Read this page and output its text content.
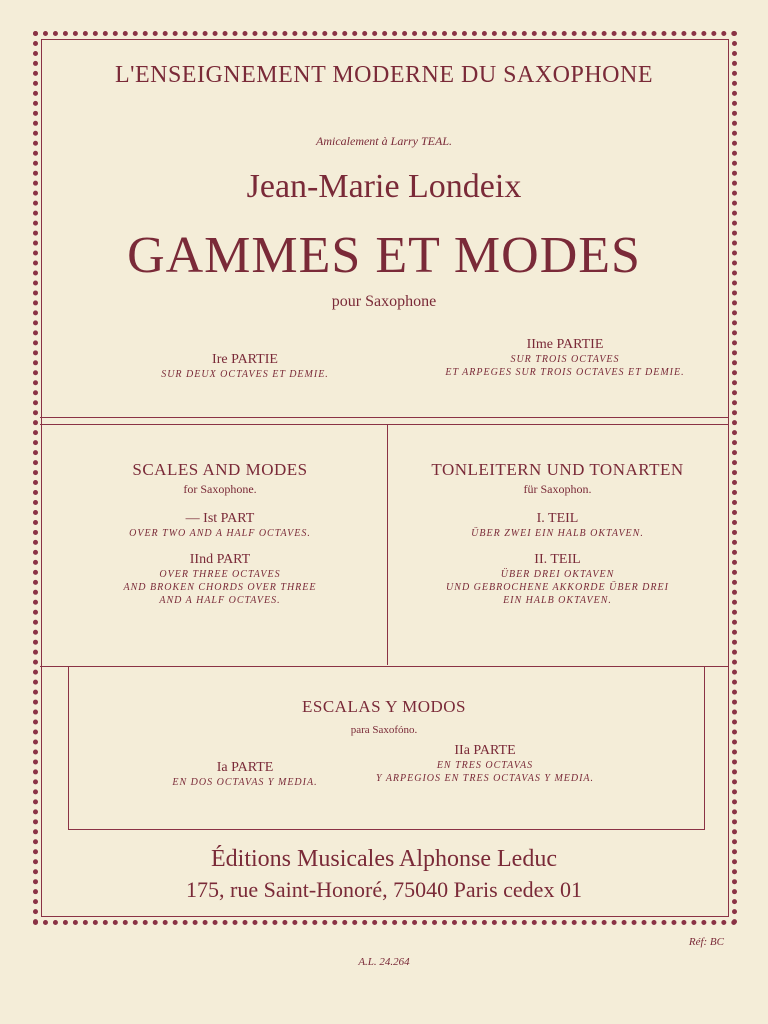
L'ENSEIGNEMENT MODERNE DU SAXOPHONE
Amicalement à Larry TEAL.
Jean-Marie Londeix
GAMMES ET MODES
pour Saxophone
Ire PARTIE
SUR DEUX OCTAVES ET DEMIE.
IIme PARTIE
SUR TROIS OCTAVES
ET ARPEGES SUR TROIS OCTAVES ET DEMIE.
SCALES AND MODES
for Saxophone.
— Ist PART
OVER TWO AND A HALF OCTAVES.
IInd PART
OVER THREE OCTAVES
AND BROKEN CHORDS OVER THREE
AND A HALF OCTAVES.
TONLEITERN UND TONARTEN
für Saxophon.
I. TEIL
ÜBER ZWEI EIN HALB OKTAVEN.
II. TEIL
ÜBER DREI OKTAVEN
UND GEBROCHENE AKKORDE ÜBER DREI
EIN HALB OKTAVEN.
ESCALAS Y MODOS
para Saxofóno.
Ia PARTE
EN DOS OCTAVAS Y MEDIA.
IIa PARTE
EN TRES OCTAVAS
Y ARPEGIOS EN TRES OCTAVAS Y MEDIA.
Éditions Musicales Alphonse Leduc
175, rue Saint-Honoré, 75040 Paris cedex 01
Réf: BC
A.L. 24.264
